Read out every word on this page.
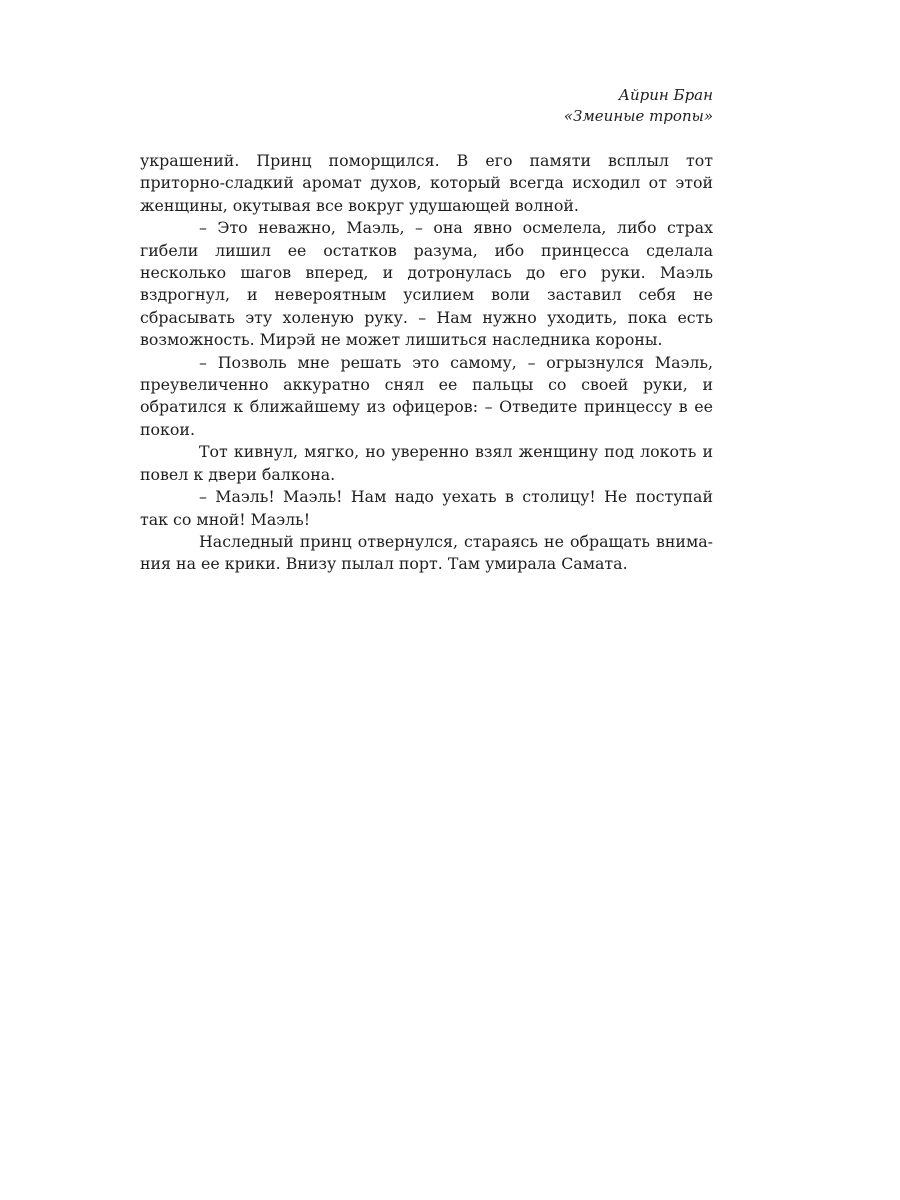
Айрин Бран
«Змеиные тропы»

украшений. Принц поморщился. В его памяти всплыл тот приторно-сладкий аромат духов, который всегда исходил от этой женщины, окутывая все вокруг удушающей волной.

– Это неважно, Маэль, – она явно осмелела, либо страх гибели лишил ее остатков разума, ибо принцесса сделала несколько шагов вперед, и дотронулась до его руки. Маэль вздрогнул, и невероятным усилием воли заставил себя не сбрасывать эту холеную руку. – Нам нужно уходить, пока есть возможность. Мирэй не может лишиться наследника короны.

– Позволь мне решать это самому, – огрызнулся Маэль, преувеличенно аккуратно снял ее пальцы со своей руки, и обратился к ближайшему из офицеров: – Отведите принцессу в ее покои.

Тот кивнул, мягко, но уверенно взял женщину под локоть и повел к двери балкона.

– Маэль! Маэль! Нам надо уехать в столицу! Не поступай так со мной! Маэль!

Наследный принц отвернулся, стараясь не обращать внимания на ее крики. Внизу пылал порт. Там умирала Самата.
